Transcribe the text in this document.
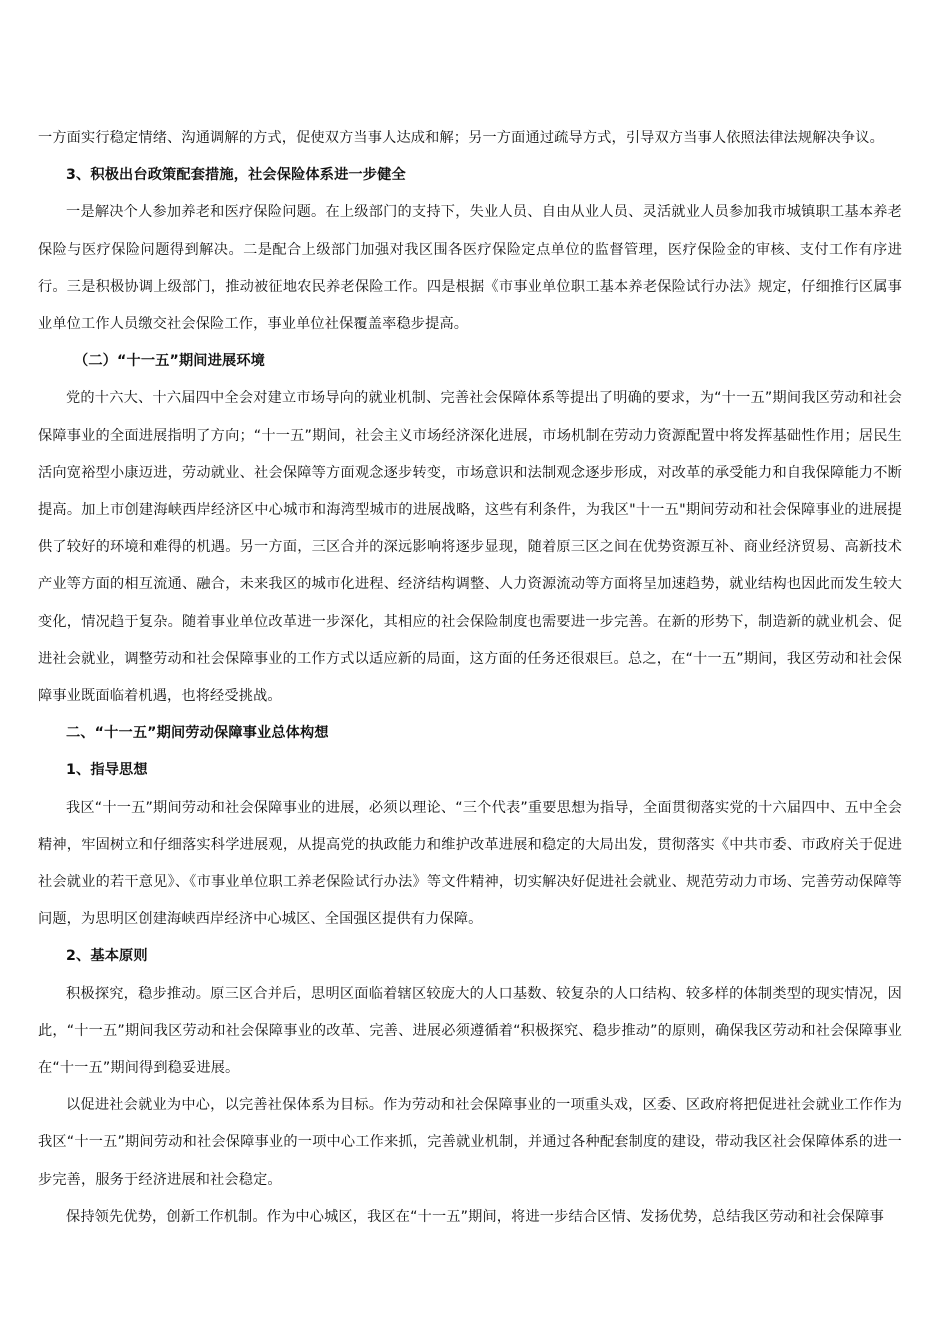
一方面实行稳定情绪、沟通调解的方式，促使双方当事人达成和解；另一方面通过疏导方式，引导双方当事人依照法律法规解决争议。

3、积极出台政策配套措施，社会保险体系进一步健全

一是解决个人参加养老和医疗保险问题。在上级部门的支持下，失业人员、自由从业人员、灵活就业人员参加我市城镇职工基本养老保险与医疗保险问题得到解决。二是配合上级部门加强对我区围各医疗保险定点单位的监督管理，医疗保险金的审核、支付工作有序进行。三是积极协调上级部门，推动被征地农民养老保险工作。四是根据《市事业单位职工基本养老保险试行办法》规定，仔细推行区属事业单位工作人员缴交社会保险工作，事业单位社保覆盖率稳步提高。

（二）“十一五”期间进展环境

党的十六大、十六届四中全会对建立市场导向的就业机制、完善社会保障体系等提出了明确的要求，为“十一五”期间我区劳动和社会保障事业的全面进展指明了方向；“十一五”期间，社会主义市场经济深化进展，市场机制在劳动力资源配置中将发挥基础性作用；居民生活向宽裕型小康迈进，劳动就业、社会保障等方面观念逐步转变，市场意识和法制观念逐步形成，对改革的承受能力和自我保障能力不断提高。加上市创建海峡西岸经济区中心城市和海湾型城市的进展战略，这些有利条件，为我区"十一五"期间劳动和社会保障事业的进展提供了较好的环境和难得的机遇。另一方面，三区合并的深远影响将逐步显现，随着原三区之间在优势资源互补、商业经济贸易、高新技术产业等方面的相互流通、融合，未来我区的城市化进程、经济结构调整、人力资源流动等方面将呈加速趋势，就业结构也因此而发生较大变化，情况趋于复杂。随着事业单位改革进一步深化，其相应的社会保险制度也需要进一步完善。在新的形势下，制造新的就业机会、促进社会就业，调整劳动和社会保障事业的工作方式以适应新的局面，这方面的任务还很艰巨。总之，在“十一五”期间，我区劳动和社会保障事业既面临着机遇，也将经受挑战。

二、“十一五”期间劳动保障事业总体构想

1、指导思想

我区“十一五”期间劳动和社会保障事业的进展，必须以理论、“三个代表”重要思想为指导，全面贯彻落实党的十六届四中、五中全会精神，牢固树立和仔细落实科学进展观，从提高党的执政能力和维护改革进展和稳定的大局出发，贯彻落实《中共市委、市政府关于促进社会就业的若干意见》、《市事业单位职工养老保险试行办法》等文件精神，切实解决好促进社会就业、规范劳动力市场、完善劳动保障等问题，为思明区创建海峡西岸经济中心城区、全国强区提供有力保障。

2、基本原则

积极探究，稳步推动。原三区合并后，思明区面临着辖区较庞大的人口基数、较复杂的人口结构、较多样的体制类型的现实情况，因此，“十一五”期间我区劳动和社会保障事业的改革、完善、进展必须遵循着“积极探究、稳步推动”的原则，确保我区劳动和社会保障事业在“十一五”期间得到稳妥进展。

以促进社会就业为中心，以完善社保体系为目标。作为劳动和社会保障事业的一项重头戏，区委、区政府将把促进社会就业工作作为我区“十一五”期间劳动和社会保障事业的一项中心工作来抓，完善就业机制，并通过各种配套制度的建设，带动我区社会保障体系的进一步完善，服务于经济进展和社会稳定。

保持领先优势，创新工作机制。作为中心城区，我区在“十一五”期间，将进一步结合区情、发扬优势，总结我区劳动和社会保障事
